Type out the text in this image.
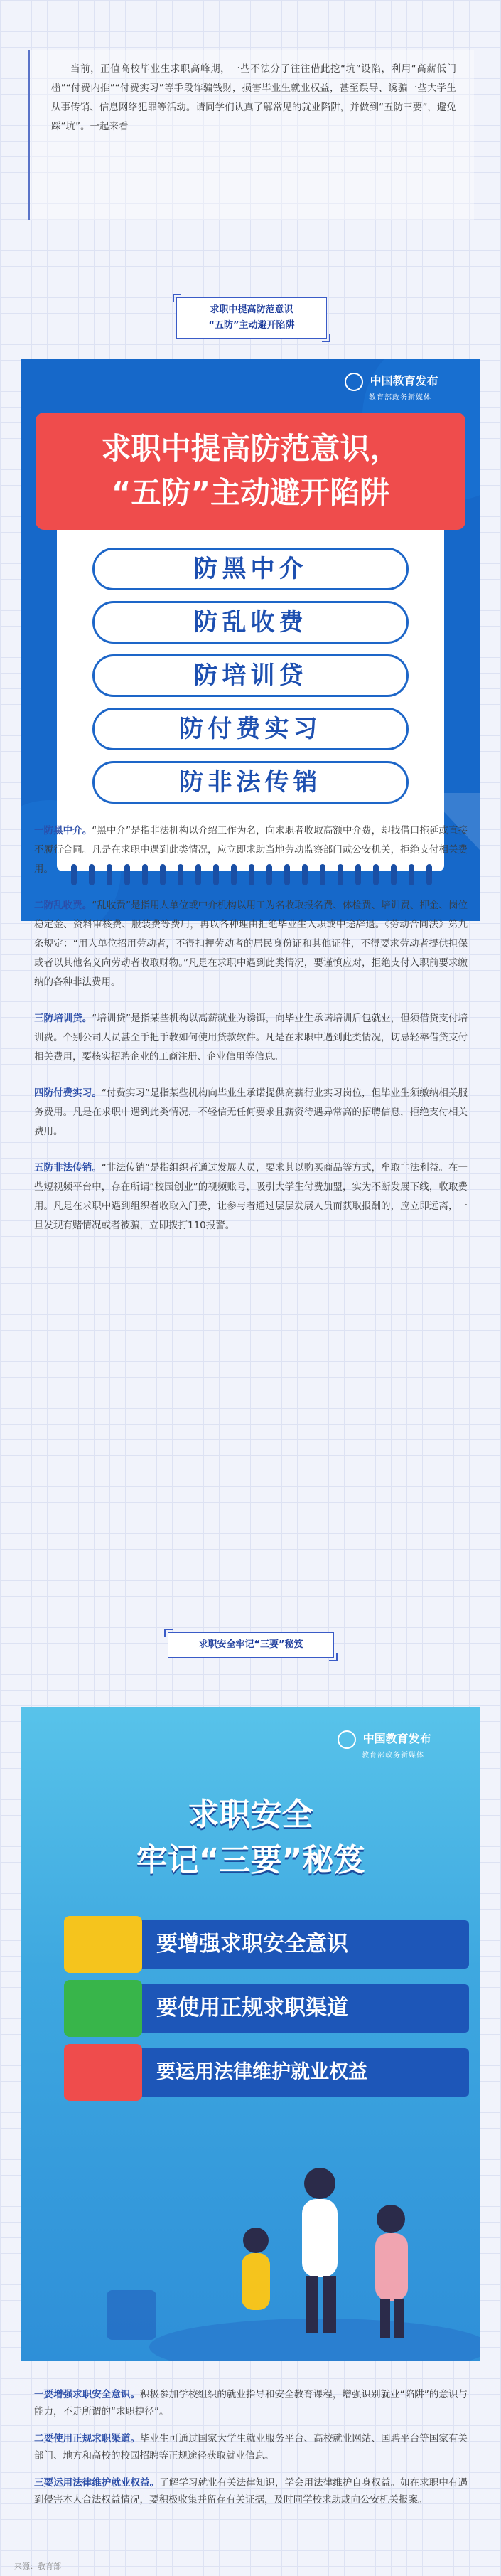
当前，正值高校毕业生求职高峰期，一些不法分子往往借此挖“坑”设陷，利用“高薪低门槛”“付费内推”“付费实习”等手段诈骗钱财，损害毕业生就业权益，甚至误导、诱骗一些大学生从事传销、信息网络犯罪等活动。请同学们认真了解常见的就业陷阱，并做到“五防三要”，避免踩“坑”。一起来看——

求职中提高防范意识
“五防”主动避开陷阱
中国教育发布
教育部政务新媒体
求职中提高防范意识，
“五防”主动避开陷阱
防黑中介
防乱收费
防培训贷
防付费实习
防非法传销

一防黑中介。“黑中介”是指非法机构以介绍工作为名，向求职者收取高额中介费，却找借口拖延或直接不履行合同。凡是在求职中遇到此类情况，应立即求助当地劳动监察部门或公安机关，拒绝支付相关费用。

二防乱收费。“乱收费”是指用人单位或中介机构以用工为名收取报名费、体检费、培训费、押金、岗位稳定金、资料审核费、服装费等费用，再以各种理由拒绝毕业生入职或中途辞退。《劳动合同法》第九条规定：“用人单位招用劳动者，不得扣押劳动者的居民身份证和其他证件，不得要求劳动者提供担保或者以其他名义向劳动者收取财物。”凡是在求职中遇到此类情况，要谨慎应对，拒绝支付入职前要求缴纳的各种非法费用。

三防培训贷。“培训贷”是指某些机构以高薪就业为诱饵，向毕业生承诺培训后包就业，但须借贷支付培训费。个别公司人员甚至手把手教如何使用贷款软件。凡是在求职中遇到此类情况，切忌轻率借贷支付相关费用，要核实招聘企业的工商注册、企业信用等信息。

四防付费实习。“付费实习”是指某些机构向毕业生承诺提供高薪行业实习岗位，但毕业生须缴纳相关服务费用。凡是在求职中遇到此类情况，不轻信无任何要求且薪资待遇异常高的招聘信息，拒绝支付相关费用。

五防非法传销。“非法传销”是指组织者通过发展人员，要求其以购买商品等方式，牟取非法利益。在一些短视频平台中，存在所谓“校园创业”的视频账号，吸引大学生付费加盟，实为不断发展下线，收取费用。凡是在求职中遇到组织者收取入门费，让参与者通过层层发展人员而获取报酬的，应立即远离，一旦发现有赌情况或者被骗，立即拨打110报警。

求职安全牢记“三要”秘笈
中国教育发布
教育部政务新媒体
求职安全
牢记“三要”秘笈
要增强求职安全意识
要使用正规求职渠道
要运用法律维护就业权益

一要增强求职安全意识。积极参加学校组织的就业指导和安全教育课程，增强识别就业“陷阱”的意识与能力，不走所谓的“求职捷径”。

二要使用正规求职渠道。毕业生可通过国家大学生就业服务平台、高校就业网站、国聘平台等国家有关部门、地方和高校的校园招聘等正规途径获取就业信息。

三要运用法律维护就业权益。了解学习就业有关法律知识，学会用法律维护自身权益。如在求职中有遇到侵害本人合法权益情况，要积极收集并留存有关证据，及时同学校求助或向公安机关报案。

来源：教育部
